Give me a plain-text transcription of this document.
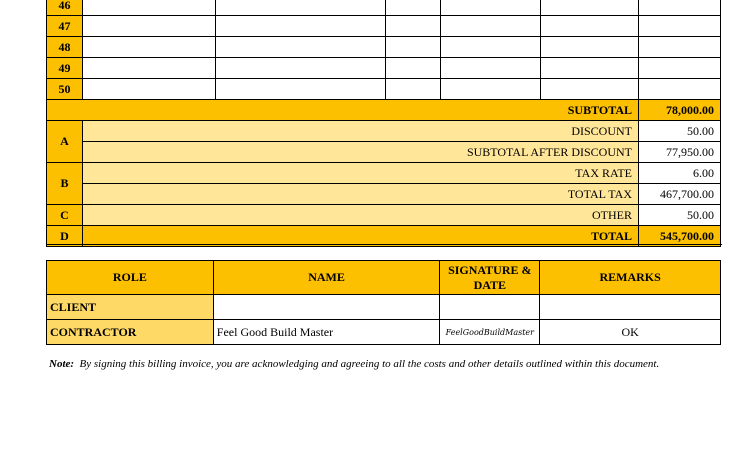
46						
47						
48						
49						
50						
SUBTOTAL						78,000.00
A	DISCOUNT					50.00
	SUBTOTAL AFTER DISCOUNT					77,950.00
B	TAX RATE					6.00
	TOTAL TAX					467,700.00
C	OTHER					50.00
D	TOTAL					545,700.00
ROLE	NAME	SIGNATURE & DATE	REMARKS
CLIENT			
CONTRACTOR	Feel Good Build Master	FeelGoodBuildMaster	OK
Note: By signing this billing invoice, you are acknowledging and agreeing to all the costs and other details outlined within this document.
